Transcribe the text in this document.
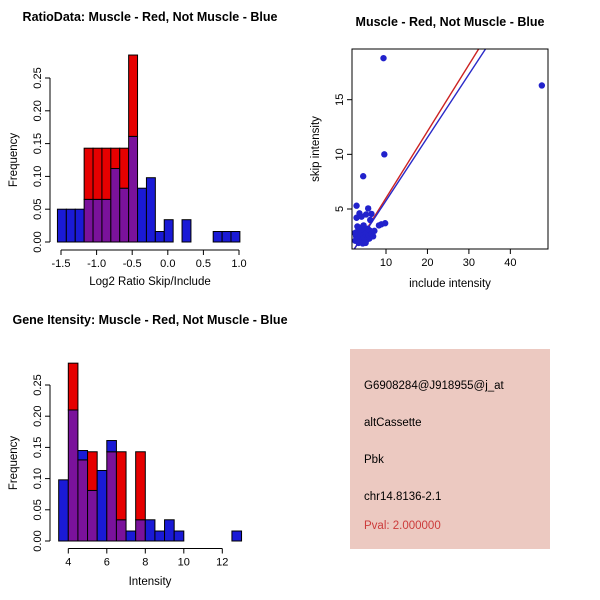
RatioData: Muscle - Red, Not Muscle - Blue
Frequency
0.00
0.05
0.10
0.15
0.20
0.25
-1.5 -1.0 -0.5 0.0 0.5 1.0
Log2 Ratio Skip/Include
Muscle - Red, Not Muscle - Blue
skip intensity
10	20	30	40
5
10
15
include intensity
Gene Itensity: Muscle - Red, Not Muscle - Blue
Frequency
0.00
0.05
0.10
0.15
0.20
0.25
4	6	8	10 12
Intensity
G6908284@J918955@j_at
altCassette
Pbk
chr14.8136-2.1
Pval: 2.000000
